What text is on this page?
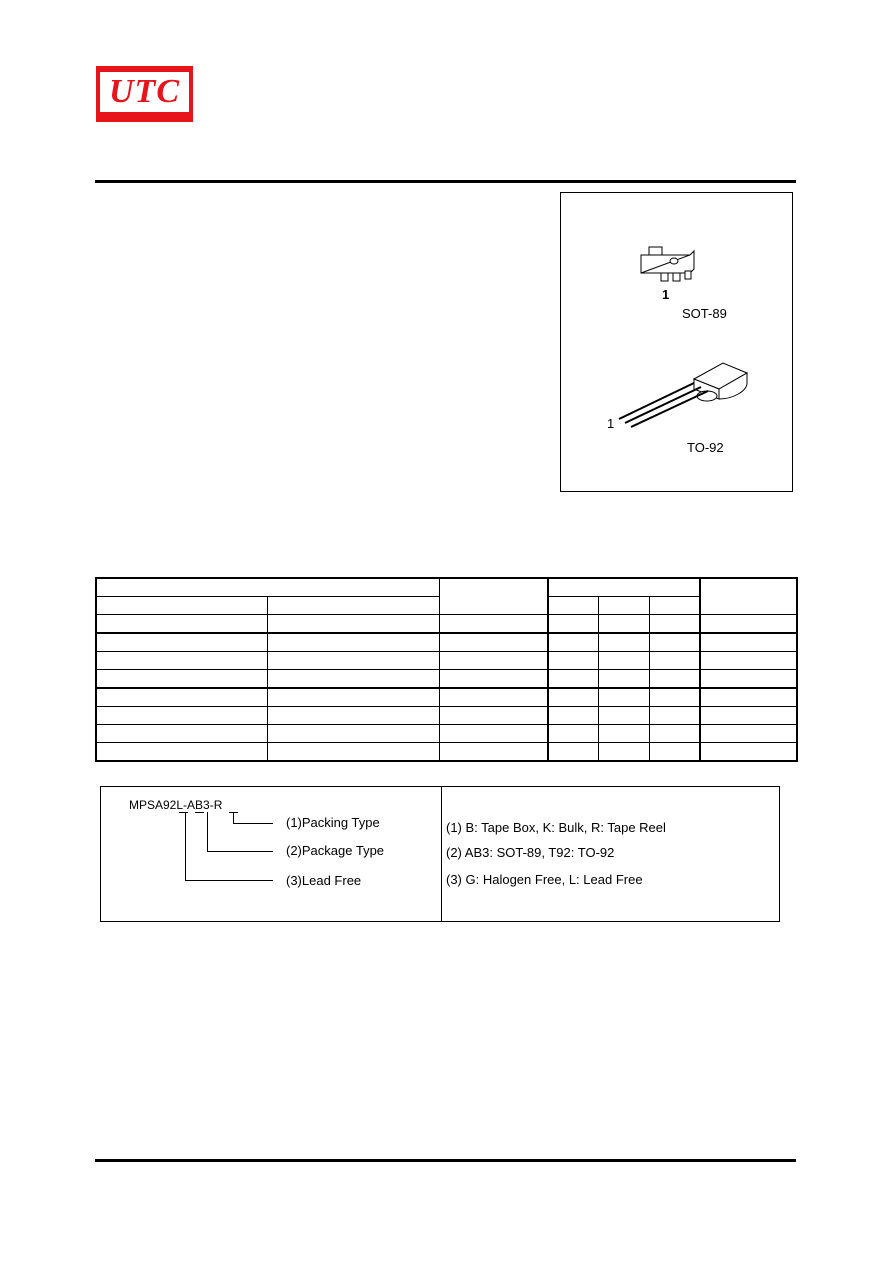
UTC
1
SOT-89
1
TO-92

MPSA92L-AB3-R
(1)Packing Type
(2)Package Type
(3)Lead Free
(1) B: Tape Box, K: Bulk, R: Tape Reel
(2) AB3: SOT-89, T92: TO-92
(3) G: Halogen Free, L: Lead Free
